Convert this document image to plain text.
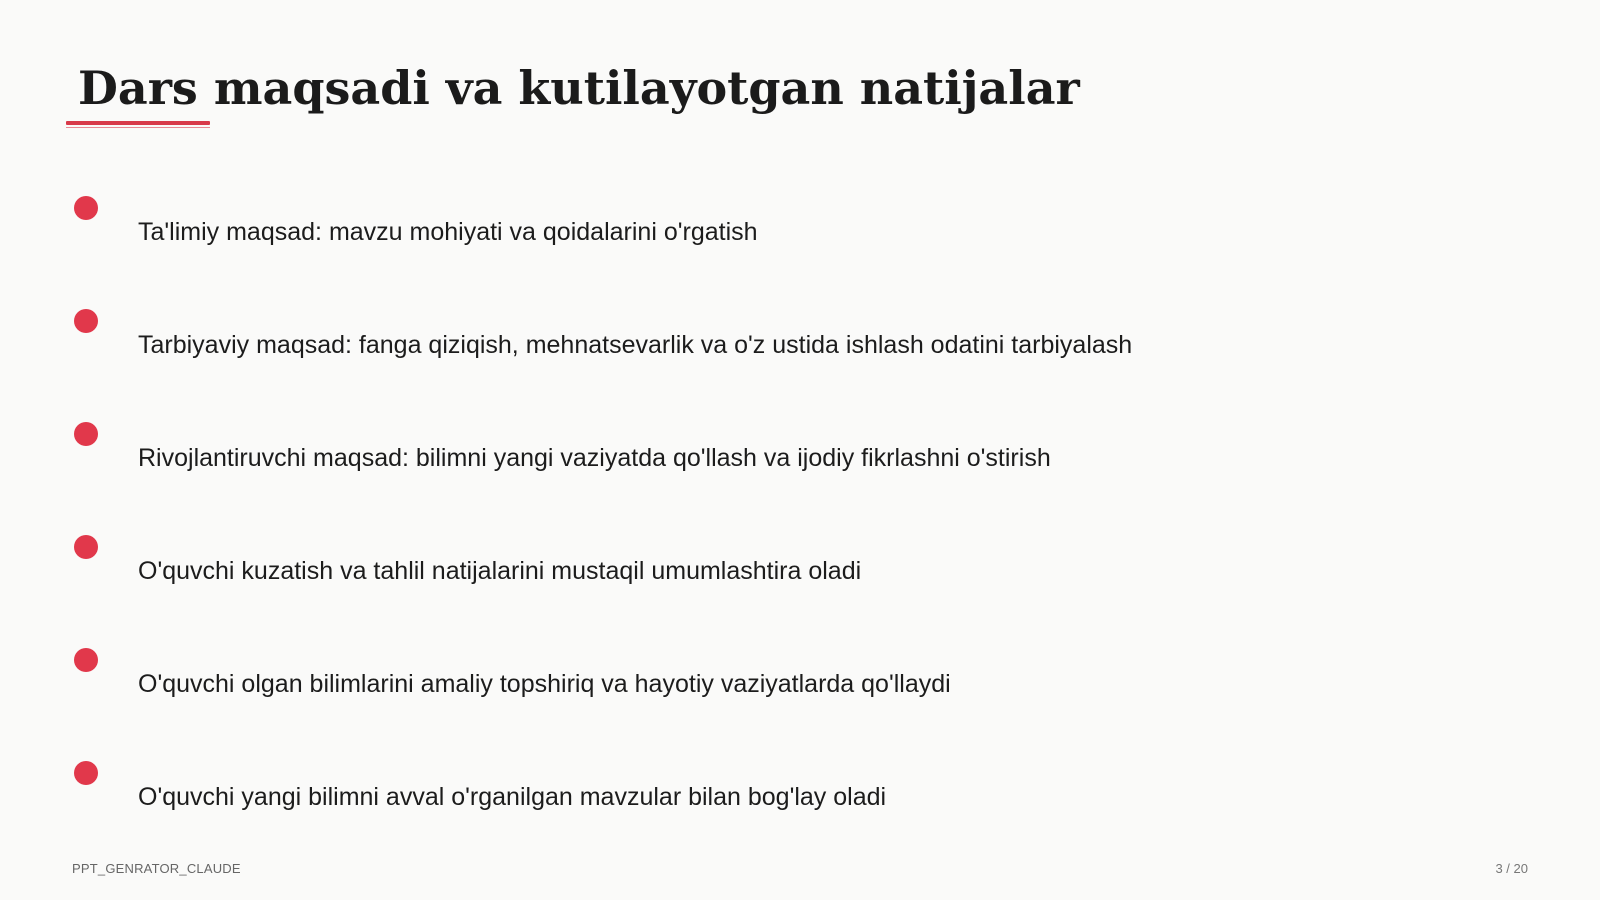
Dars maqsadi va kutilayotgan natijalar
Ta'limiy maqsad: mavzu mohiyati va qoidalarini o'rgatish
Tarbiyaviy maqsad: fanga qiziqish, mehnatsevarlik va o'z ustida ishlash odatini tarbiyalash
Rivojlantiruvchi maqsad: bilimni yangi vaziyatda qo'llash va ijodiy fikrlashni o'stirish
O'quvchi kuzatish va tahlil natijalarini mustaqil umumlashtira oladi
O'quvchi olgan bilimlarini amaliy topshiriq va hayotiy vaziyatlarda qo'llaydi
O'quvchi yangi bilimni avval o'rganilgan mavzular bilan bog'lay oladi
PPT_GENRATOR_CLAUDE	3 / 20
